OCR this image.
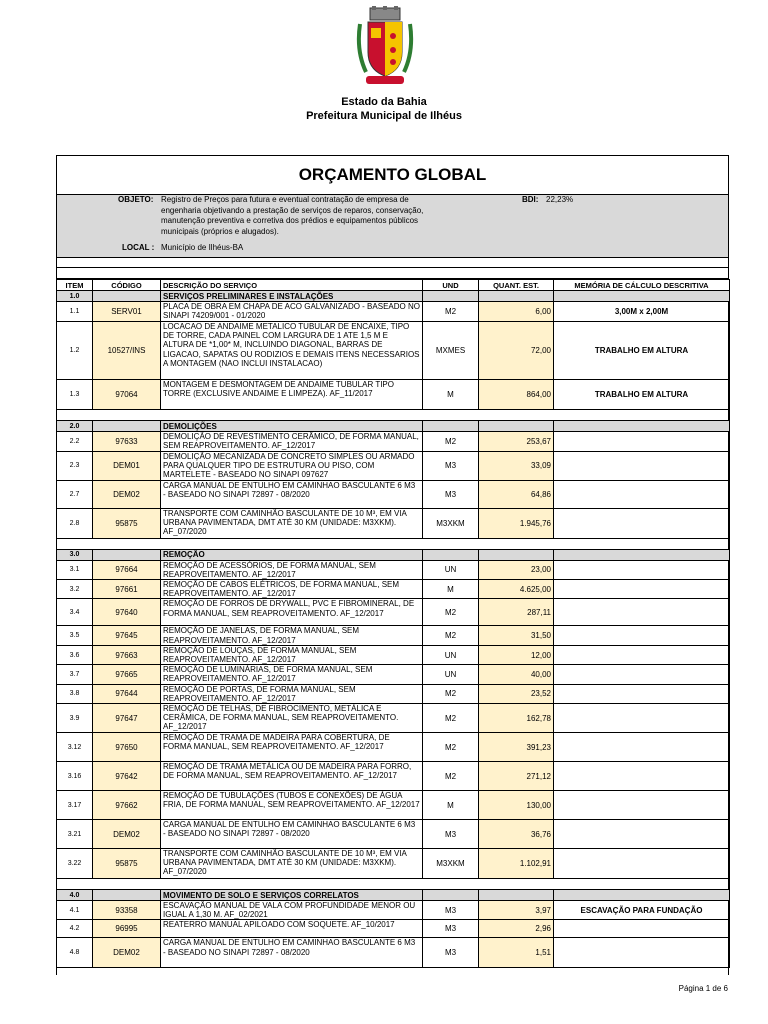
Estado da Bahia
Prefeitura Municipal de Ilhéus
ORÇAMENTO GLOBAL
OBJETO: Registro de Preços para futura e eventual contratação de empresa de
engenharia objetivando a prestação de serviços de reparos, conservação,
manutenção preventiva e corretiva dos prédios e equipamentos públicos
municipais (próprios e alugados).
BDI: 22,23%
LOCAL : Município de Ilhéus-BA
ITEM	CÓDIGO	DESCRIÇÃO DO SERVIÇO	UND	QUANT. EST.	MEMÓRIA DE CÁLCULO DESCRITIVA
1.0		SERVIÇOS PRELIMINARES E INSTALAÇÕES			
1.1	SERV01	PLACA DE OBRA EM CHAPA DE ACO GALVANIZADO - BASEADO NO SINAPI 74209/001 - 01/2020	M2	6,00	3,00M x 2,00M
1.2	10527/INS	LOCACAO DE ANDAIME METALICO TUBULAR DE ENCAIXE, TIPO DE TORRE, CADA PAINEL COM LARGURA DE 1 ATE 1,5 M E ALTURA DE *1,00* M, INCLUINDO DIAGONAL, BARRAS DE LIGACAO, SAPATAS OU RODIZIOS E DEMAIS ITENS NECESSARIOS A MONTAGEM (NAO INCLUI INSTALACAO)	MXMES	72,00	TRABALHO EM ALTURA
1.3	97064	MONTAGEM E DESMONTAGEM DE ANDAIME TUBULAR TIPO TORRE (EXCLUSIVE ANDAIME E LIMPEZA). AF_11/2017	M	864,00	TRABALHO EM ALTURA

2.0		DEMOLIÇÕES			
2.2	97633	DEMOLIÇÃO DE REVESTIMENTO CERÂMICO, DE FORMA MANUAL, SEM REAPROVEITAMENTO. AF_12/2017	M2	253,67	
2.3	DEM01	DEMOLIÇÃO MECANIZADA DE CONCRETO SIMPLES OU ARMADO PARA QUALQUER TIPO DE ESTRUTURA OU PISO, COM MARTELETE - BASEADO NO SINAPI 097627	M3	33,09	
2.7	DEM02	CARGA MANUAL DE ENTULHO EM CAMINHAO BASCULANTE 6 M3 - BASEADO NO SINAPI 72897 - 08/2020	M3	64,86	
2.8	95875	TRANSPORTE COM CAMINHÃO BASCULANTE DE 10 M³, EM VIA URBANA PAVIMENTADA, DMT ATÉ 30 KM (UNIDADE: M3XKM). AF_07/2020	M3XKM	1.945,76	

3.0		REMOÇÃO			
3.1	97664	REMOÇÃO DE ACESSÓRIOS, DE FORMA MANUAL, SEM REAPROVEITAMENTO. AF_12/2017	UN	23,00	
3.2	97661	REMOÇÃO DE CABOS ELÉTRICOS, DE FORMA MANUAL, SEM REAPROVEITAMENTO. AF_12/2017	M	4.625,00	
3.4	97640	REMOÇÃO DE FORROS DE DRYWALL, PVC E FIBROMINERAL, DE FORMA MANUAL, SEM REAPROVEITAMENTO. AF_12/2017	M2	287,11	
3.5	97645	REMOÇÃO DE JANELAS, DE FORMA MANUAL, SEM REAPROVEITAMENTO. AF_12/2017	M2	31,50	
3.6	97663	REMOÇÃO DE LOUÇAS, DE FORMA MANUAL, SEM REAPROVEITAMENTO. AF_12/2017	UN	12,00	
3.7	97665	REMOÇÃO DE LUMINÁRIAS, DE FORMA MANUAL, SEM REAPROVEITAMENTO. AF_12/2017	UN	40,00	
3.8	97644	REMOÇÃO DE PORTAS, DE FORMA MANUAL, SEM REAPROVEITAMENTO. AF_12/2017	M2	23,52	
3.9	97647	REMOÇÃO DE TELHAS, DE FIBROCIMENTO, METÁLICA E CERÂMICA, DE FORMA MANUAL, SEM REAPROVEITAMENTO. AF_12/2017	M2	162,78	
3.12	97650	REMOÇÃO DE TRAMA DE MADEIRA PARA COBERTURA, DE FORMA MANUAL, SEM REAPROVEITAMENTO. AF_12/2017	M2	391,23	
3.16	97642	REMOÇÃO DE TRAMA METÁLICA OU DE MADEIRA PARA FORRO, DE FORMA MANUAL, SEM REAPROVEITAMENTO. AF_12/2017	M2	271,12	
3.17	97662	REMOÇÃO DE TUBULAÇÕES (TUBOS E CONEXÕES) DE ÁGUA FRIA, DE FORMA MANUAL, SEM REAPROVEITAMENTO. AF_12/2017	M	130,00	
3.21	DEM02	CARGA MANUAL DE ENTULHO EM CAMINHAO BASCULANTE 6 M3 - BASEADO NO SINAPI 72897 - 08/2020	M3	36,76	
3.22	95875	TRANSPORTE COM CAMINHÃO BASCULANTE DE 10 M³, EM VIA URBANA PAVIMENTADA, DMT ATÉ 30 KM (UNIDADE: M3XKM). AF_07/2020	M3XKM	1.102,91	

4.0		MOVIMENTO DE SOLO E SERVIÇOS CORRELATOS			
4.1	93358	ESCAVAÇÃO MANUAL DE VALA COM PROFUNDIDADE MENOR OU IGUAL A 1,30 M. AF_02/2021	M3	3,97	ESCAVAÇÃO PARA FUNDAÇÃO
4.2	96995	REATERRO MANUAL APILOADO COM SOQUETE. AF_10/2017	M3	2,96	
4.8	DEM02	CARGA MANUAL DE ENTULHO EM CAMINHAO BASCULANTE 6 M3 - BASEADO NO SINAPI 72897 - 08/2020	M3	1,51	
Página 1 de 6
